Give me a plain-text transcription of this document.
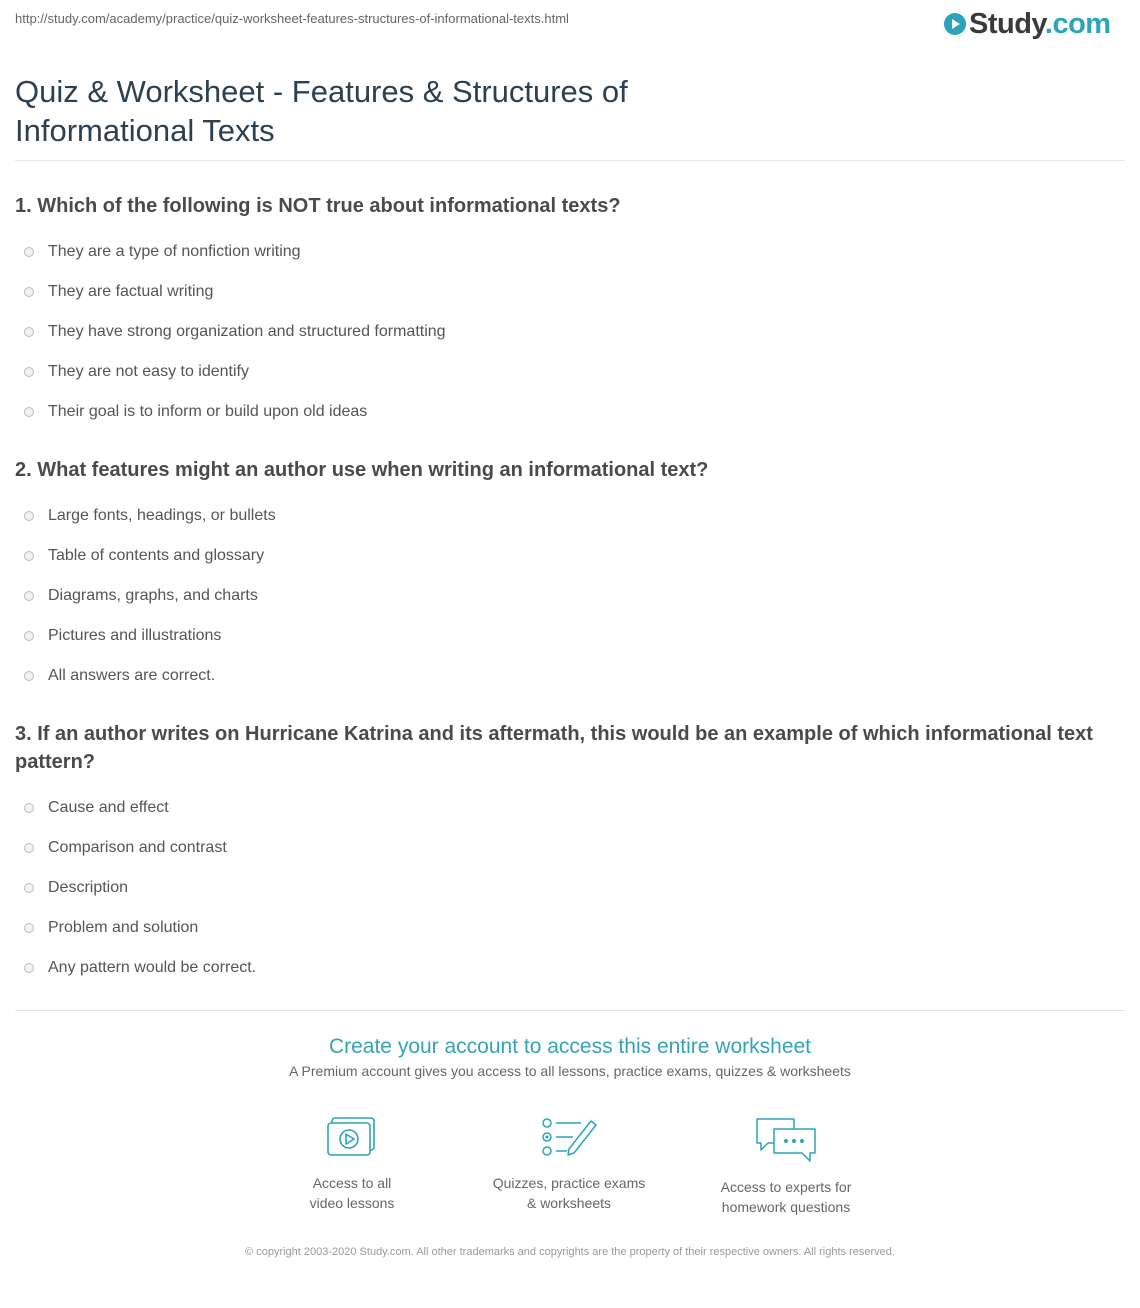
http://study.com/academy/practice/quiz-worksheet-features-structures-of-informational-texts.html	Study.com
Quiz & Worksheet - Features & Structures of Informational Texts

1. Which of the following is NOT true about informational texts?

They are a type of nonfiction writing
They are factual writing
They have strong organization and structured formatting
They are not easy to identify
Their goal is to inform or build upon old ideas

2. What features might an author use when writing an informational text?

Large fonts, headings, or bullets
Table of contents and glossary
Diagrams, graphs, and charts
Pictures and illustrations
All answers are correct.

3. If an author writes on Hurricane Katrina and its aftermath, this would be an example of which informational text pattern?

Cause and effect
Comparison and contrast
Description
Problem and solution
Any pattern would be correct.
Create your account to access this entire worksheet
A Premium account gives you access to all lessons, practice exams, quizzes & worksheets
Access to all
video lessons
Quizzes, practice exams
& worksheets
Access to experts for
homework questions
© copyright 2003-2020 Study.com. All other trademarks and copyrights are the property of their respective owners. All rights reserved.
